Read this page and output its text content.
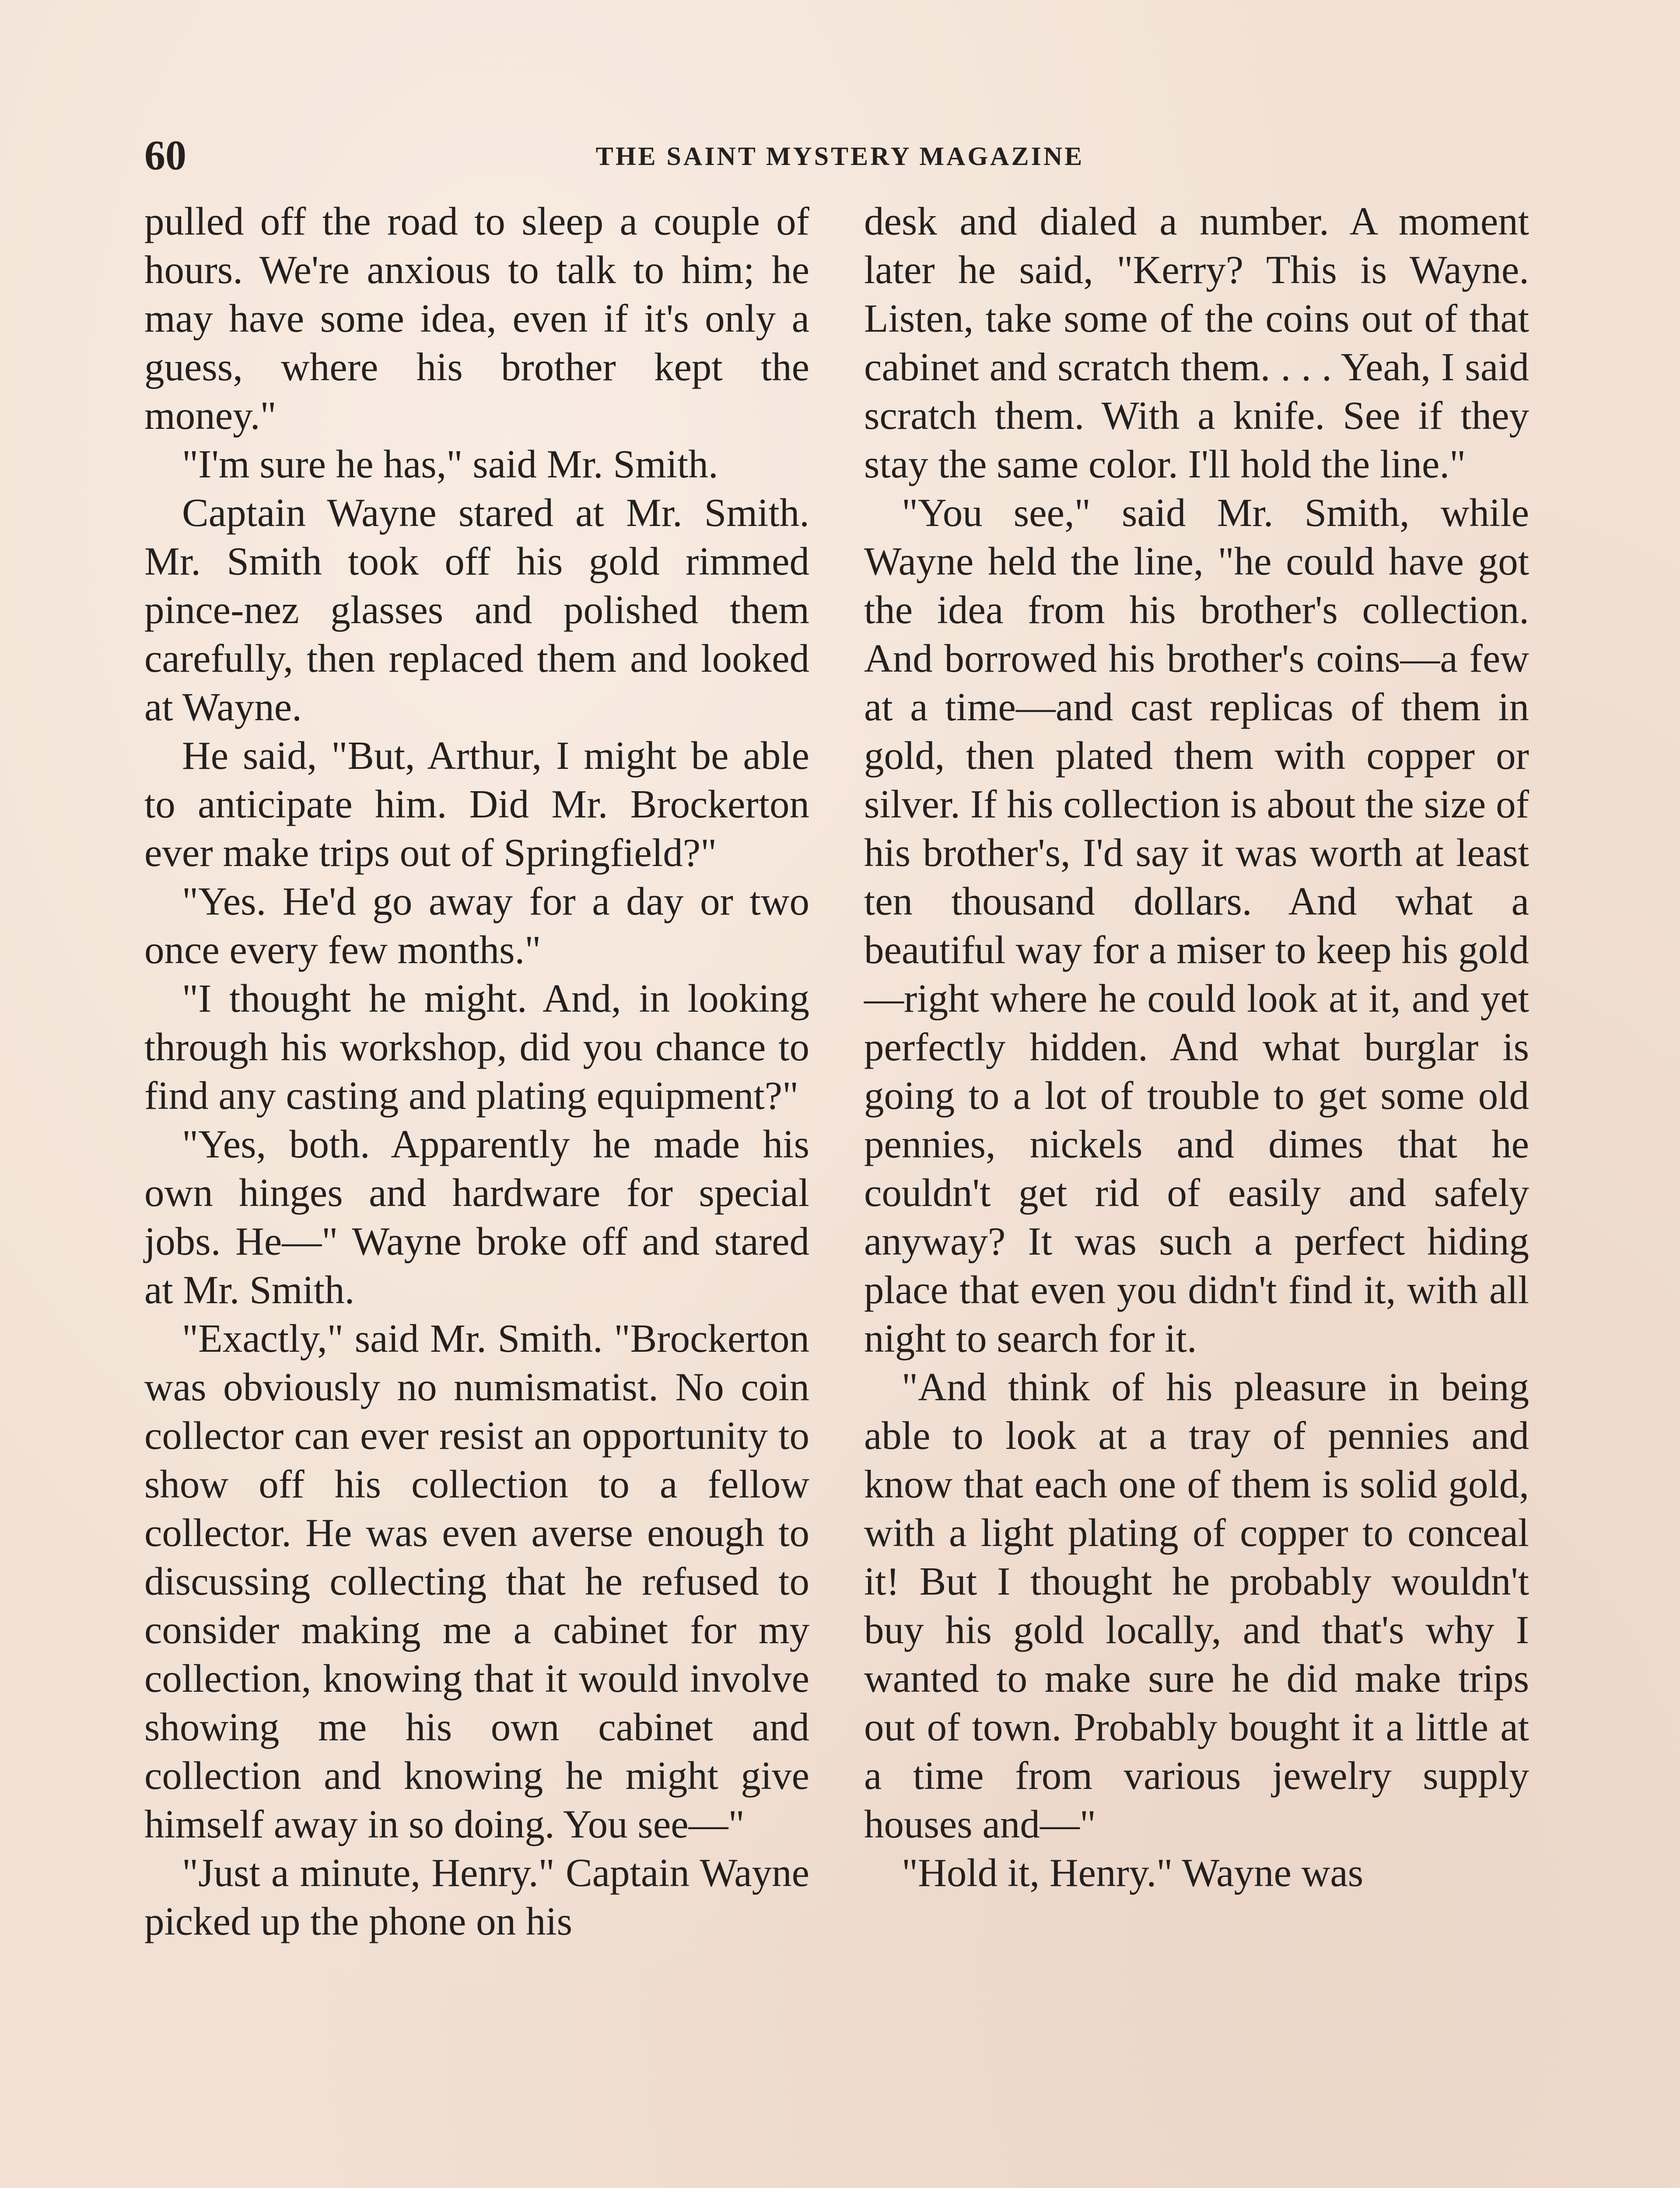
60	THE SAINT MYSTERY MAGAZINE

pulled off the road to sleep a couple of hours. We're anxious to talk to him; he may have some idea, even if it's only a guess, where his brother kept the money."

"I'm sure he has," said Mr. Smith.

Captain Wayne stared at Mr. Smith. Mr. Smith took off his gold rimmed pince-nez glasses and polished them carefully, then replaced them and looked at Wayne.

He said, "But, Arthur, I might be able to anticipate him. Did Mr. Brockerton ever make trips out of Springfield?"

"Yes. He'd go away for a day or two once every few months."

"I thought he might. And, in looking through his workshop, did you chance to find any casting and plating equipment?"

"Yes, both. Apparently he made his own hinges and hardware for special jobs. He—" Wayne broke off and stared at Mr. Smith.

"Exactly," said Mr. Smith. "Brockerton was obviously no numismatist. No coin collector can ever resist an opportunity to show off his collection to a fellow collector. He was even averse enough to discussing collecting that he refused to consider making me a cabinet for my collection, knowing that it would involve showing me his own cabinet and collection and knowing he might give himself away in so doing. You see—"

"Just a minute, Henry." Captain Wayne picked up the phone on his

desk and dialed a number. A moment later he said, "Kerry? This is Wayne. Listen, take some of the coins out of that cabinet and scratch them. . . . Yeah, I said scratch them. With a knife. See if they stay the same color. I'll hold the line."

"You see," said Mr. Smith, while Wayne held the line, "he could have got the idea from his brother's collection. And borrowed his brother's coins—a few at a time—and cast replicas of them in gold, then plated them with copper or silver. If his collection is about the size of his brother's, I'd say it was worth at least ten thousand dollars. And what a beautiful way for a miser to keep his gold—right where he could look at it, and yet perfectly hidden. And what burglar is going to a lot of trouble to get some old pennies, nickels and dimes that he couldn't get rid of easily and safely anyway? It was such a perfect hiding place that even you didn't find it, with all night to search for it.

"And think of his pleasure in being able to look at a tray of pennies and know that each one of them is solid gold, with a light plating of copper to conceal it! But I thought he probably wouldn't buy his gold locally, and that's why I wanted to make sure he did make trips out of town. Probably bought it a little at a time from various jewelry supply houses and—"

"Hold it, Henry." Wayne was
